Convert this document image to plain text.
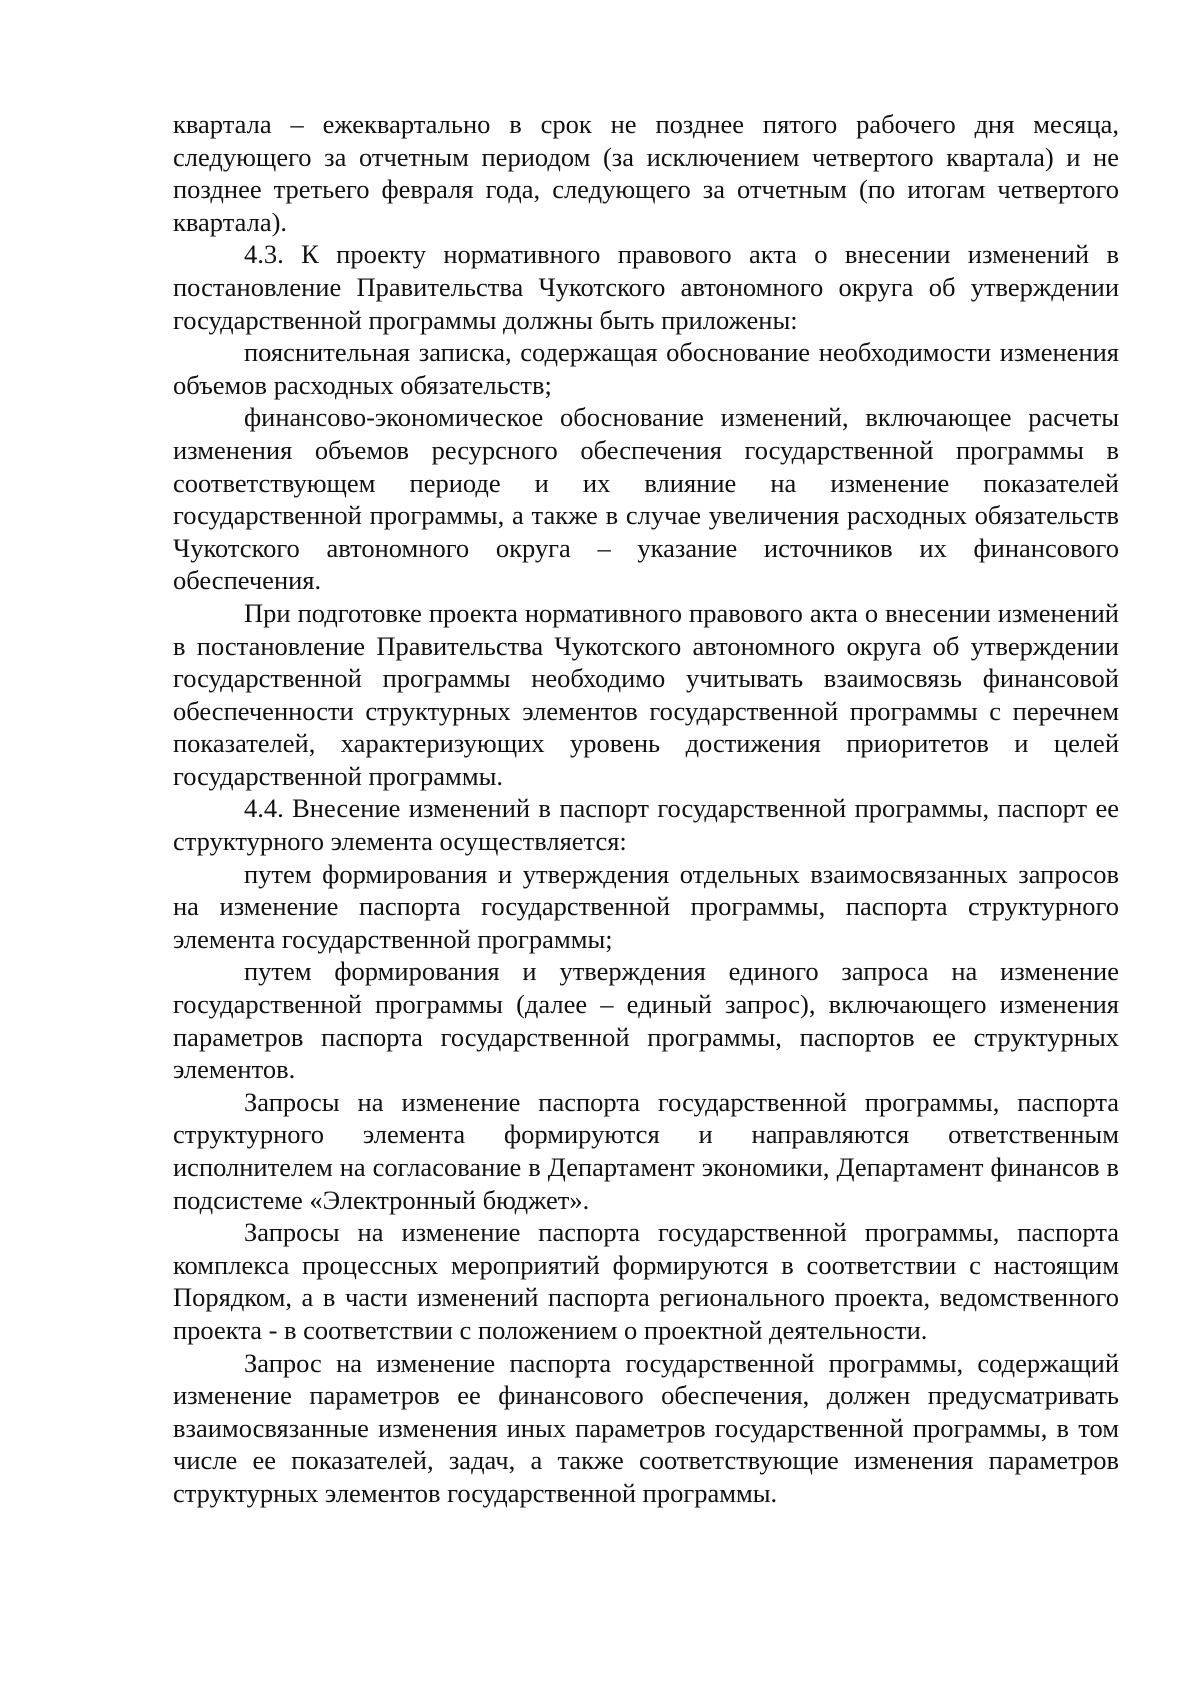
квартала – ежеквартально в срок не позднее пятого рабочего дня месяца, следующего за отчетным периодом (за исключением четвертого квартала) и не позднее третьего февраля года, следующего за отчетным (по итогам четвертого квартала).

4.3. К проекту нормативного правового акта о внесении изменений в постановление Правительства Чукотского автономного округа об утверждении государственной программы должны быть приложены:

пояснительная записка, содержащая обоснование необходимости изменения объемов расходных обязательств;

финансово-экономическое обоснование изменений, включающее расчеты изменения объемов ресурсного обеспечения государственной программы в соответствующем периоде и их влияние на изменение показателей государственной программы, а также в случае увеличения расходных обязательств Чукотского автономного округа – указание источников их финансового обеспечения.

При подготовке проекта нормативного правового акта о внесении изменений в постановление Правительства Чукотского автономного округа об утверждении государственной программы необходимо учитывать взаимосвязь финансовой обеспеченности структурных элементов государственной программы с перечнем показателей, характеризующих уровень достижения приоритетов и целей государственной программы.

4.4. Внесение изменений в паспорт государственной программы, паспорт ее структурного элемента осуществляется:

путем формирования и утверждения отдельных взаимосвязанных запросов на изменение паспорта государственной программы, паспорта структурного элемента государственной программы;

путем формирования и утверждения единого запроса на изменение государственной программы (далее – единый запрос), включающего изменения параметров паспорта государственной программы, паспортов ее структурных элементов.

Запросы на изменение паспорта государственной программы, паспорта структурного элемента формируются и направляются ответственным исполнителем на согласование в Департамент экономики, Департамент финансов в подсистеме «Электронный бюджет».

Запросы на изменение паспорта государственной программы, паспорта комплекса процессных мероприятий формируются в соответствии с настоящим Порядком, а в части изменений паспорта регионального проекта, ведомственного проекта - в соответствии с положением о проектной деятельности.

Запрос на изменение паспорта государственной программы, содержащий изменение параметров ее финансового обеспечения, должен предусматривать взаимосвязанные изменения иных параметров государственной программы, в том числе ее показателей, задач, а также соответствующие изменения параметров структурных элементов государственной программы.
